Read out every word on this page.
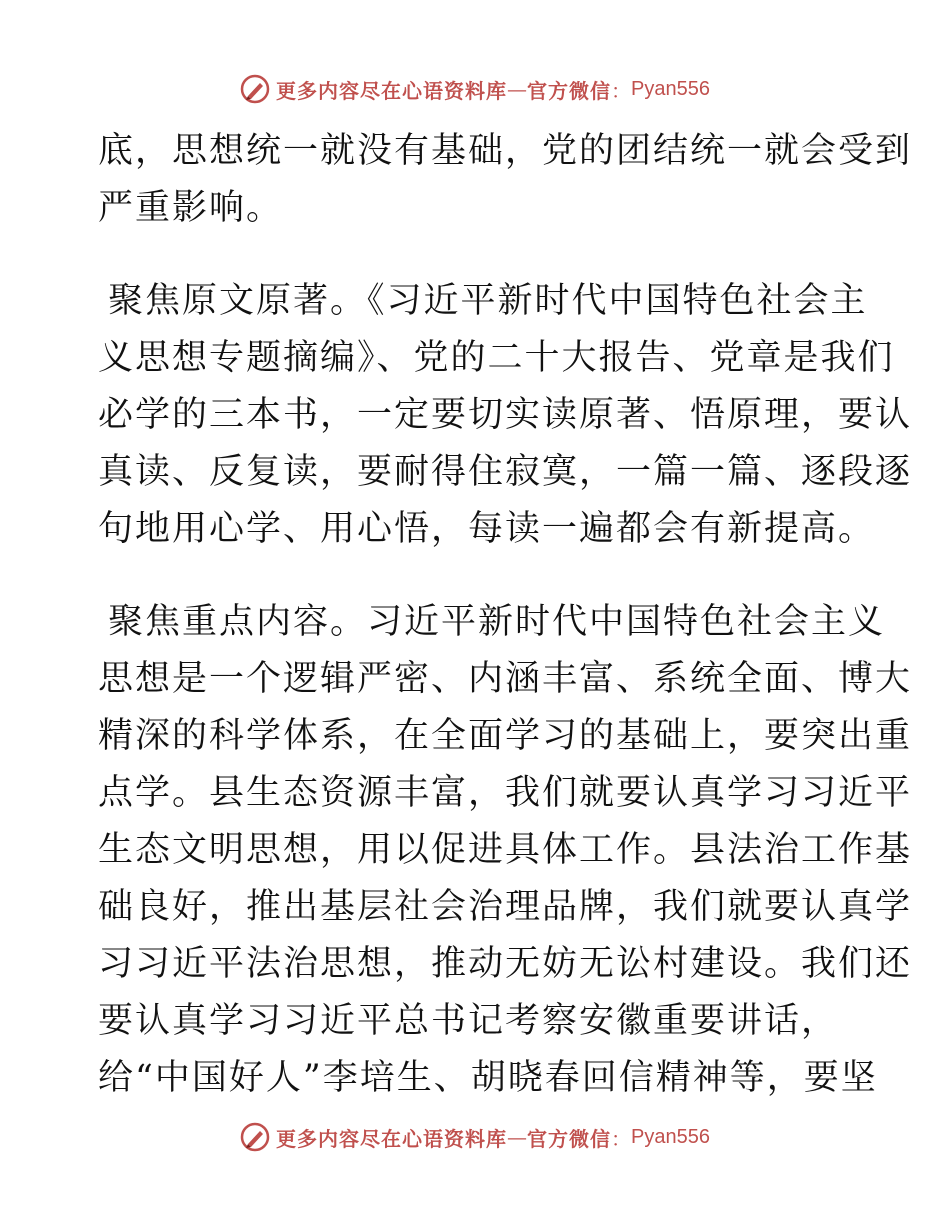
更多内容尽在心语资料库 — 官方微信 ： Pyan556
底，思想统一就没有基础，党的团结统一就会受到
严重影响。
聚焦原文原著。《习近平新时代中国特色社会主
义思想专题摘编》、党的二十大报告、党章是我们
必学的三本书，一定要切实读原著、悟原理，要认
真读、反复读，要耐得住寂寞，一篇一篇、逐段逐
句地用心学、用心悟，每读一遍都会有新提高。
聚焦重点内容。习近平新时代中国特色社会主义
思想是一个逻辑严密、内涵丰富、系统全面、博大
精深的科学体系，在全面学习的基础上，要突出重
点学。县生态资源丰富，我们就要认真学习习近平
生态文明思想，用以促进具体工作。县法治工作基
础良好，推出基层社会治理品牌，我们就要认真学
习习近平法治思想，推动无妨无讼村建设。我们还
要认真学习习近平总书记考察安徽重要讲话，
给“中国好人”李培生、胡晓春回信精神等，要坚
更多内容尽在心语资料库 — 官方微信 ： Pyan556
